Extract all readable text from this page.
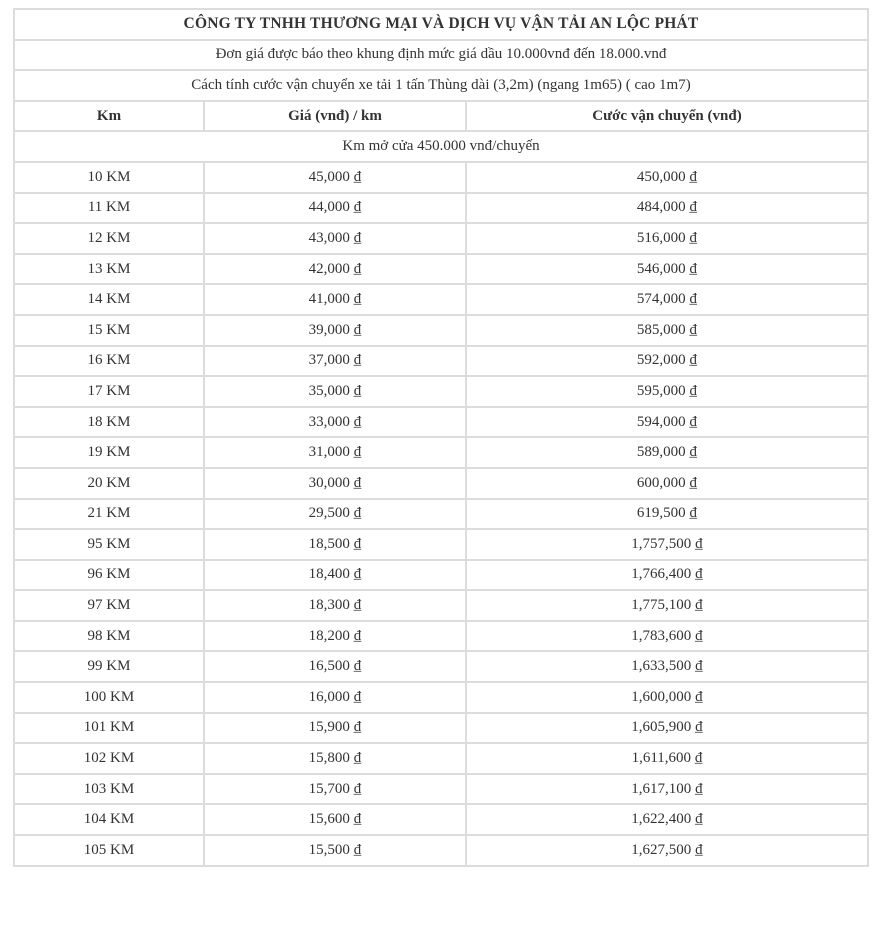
CÔNG TY TNHH THƯƠNG MẠI VÀ DỊCH VỤ VẬN TẢI AN LỘC PHÁT		
Đơn giá được báo theo khung định mức giá dầu 10.000vnđ đến 18.000.vnđ		
Cách tính cước vận chuyển xe tải 1 tấn Thùng dài (3,2m) (ngang 1m65) ( cao 1m7)		
Km	Giá (vnđ) / km	Cước vận chuyển (vnđ)
Km mở cửa 450.000 vnđ/chuyến		
10 KM	45,000 ₫	450,000 ₫
11 KM	44,000 ₫	484,000 ₫
12 KM	43,000 ₫	516,000 ₫
13 KM	42,000 ₫	546,000 ₫
14 KM	41,000 ₫	574,000 ₫
15 KM	39,000 ₫	585,000 ₫
16 KM	37,000 ₫	592,000 ₫
17 KM	35,000 ₫	595,000 ₫
18 KM	33,000 ₫	594,000 ₫
19 KM	31,000 ₫	589,000 ₫
20 KM	30,000 ₫	600,000 ₫
21 KM	29,500 ₫	619,500 ₫
95 KM	18,500 ₫	1,757,500 ₫
96 KM	18,400 ₫	1,766,400 ₫
97 KM	18,300 ₫	1,775,100 ₫
98 KM	18,200 ₫	1,783,600 ₫
99 KM	16,500 ₫	1,633,500 ₫
100 KM	16,000 ₫	1,600,000 ₫
101 KM	15,900 ₫	1,605,900 ₫
102 KM	15,800 ₫	1,611,600 ₫
103 KM	15,700 ₫	1,617,100 ₫
104 KM	15,600 ₫	1,622,400 ₫
105 KM	15,500 ₫	1,627,500 ₫
